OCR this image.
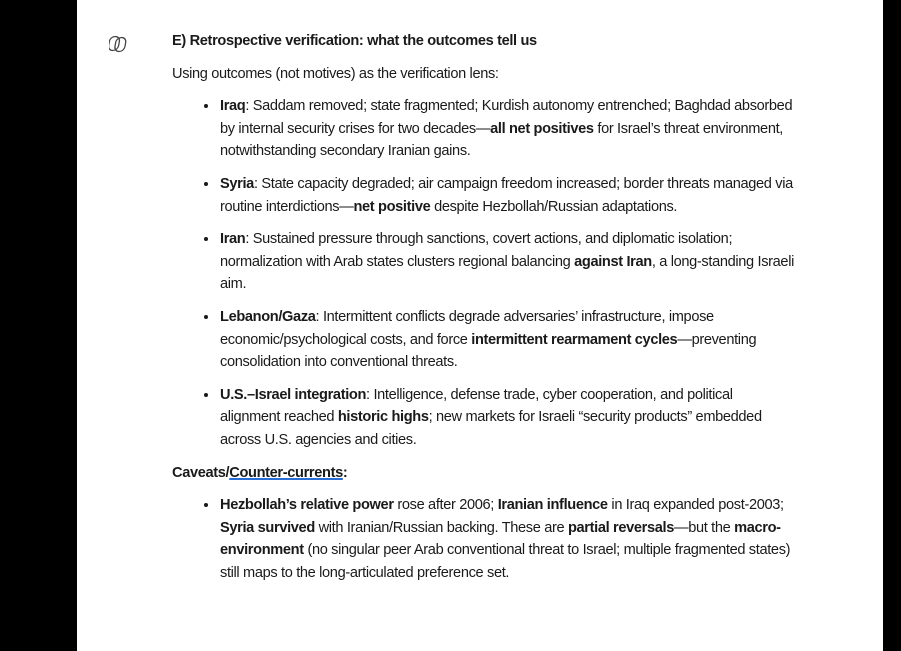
E) Retrospective verification: what the outcomes tell us

Using outcomes (not motives) as the verification lens:

• Iraq: Saddam removed; state fragmented; Kurdish autonomy entrenched; Baghdad absorbed by internal security crises for two decades—all net positives for Israel’s threat environment, notwithstanding secondary Iranian gains.
• Syria: State capacity degraded; air campaign freedom increased; border threats managed via routine interdictions—net positive despite Hezbollah/Russian adaptations.
• Iran: Sustained pressure through sanctions, covert actions, and diplomatic isolation; normalization with Arab states clusters regional balancing against Iran, a long-standing Israeli aim.
• Lebanon/Gaza: Intermittent conflicts degrade adversaries’ infrastructure, impose economic/psychological costs, and force intermittent rearmament cycles—preventing consolidation into conventional threats.
• U.S.–Israel integration: Intelligence, defense trade, cyber cooperation, and political alignment reached historic highs; new markets for Israeli “security products” embedded across U.S. agencies and cities.

Caveats/Counter-currents:

• Hezbollah’s relative power rose after 2006; Iranian influence in Iraq expanded post-2003; Syria survived with Iranian/Russian backing. These are partial reversals—but the macro-environment (no singular peer Arab conventional threat to Israel; multiple fragmented states) still maps to the long-articulated preference set.
